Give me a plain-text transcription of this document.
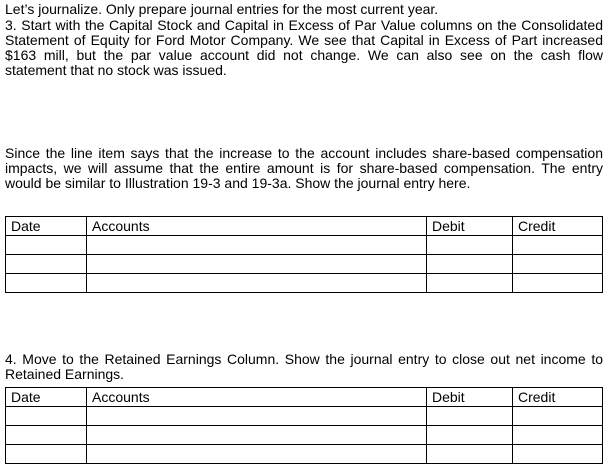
Let’s journalize. Only prepare journal entries for the most current year.

3. Start with the Capital Stock and Capital in Excess of Par Value columns on the Consolidated Statement of Equity for Ford Motor Company. We see that Capital in Excess of Part increased $163 mill, but the par value account did not change. We can also see on the cash flow statement that no stock was issued.

Since the line item says that the increase to the account includes share-based compensation impacts, we will assume that the entire amount is for share-based compensation. The entry would be similar to Illustration 19-3 and 19-3a. Show the journal entry here.

Date	Accounts	Debit	Credit

4. Move to the Retained Earnings Column. Show the journal entry to close out net income to Retained Earnings.

Date	Accounts	Debit	Credit
